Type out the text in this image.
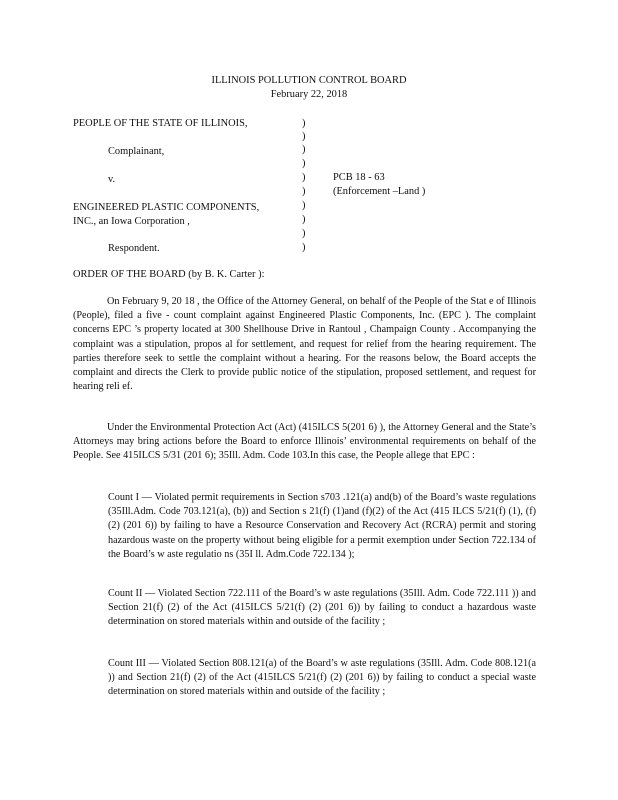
ILLINOIS POLLUTION CONTROL BOARD
February 22, 2018
PEOPLE OF THE STATE OF ILLINOIS,
Complainant,
v.
ENGINEERED PLASTIC COMPONENTS,
INC., an Iowa Corporation ,
Respondent.
)
)
)
)
)
)
)
)
)
)
PCB 18 - 63
(Enforcement –Land )
ORDER OF THE BOARD (by B. K. Carter ):
On February 9, 20 18 , the Office of the Attorney General, on behalf of the People of the Stat e of Illinois (People), filed a five - count complaint against Engineered Plastic Components, Inc. (EPC ). The complaint concerns EPC ’s property located at 300 Shellhouse Drive in Rantoul , Champaign County . Accompanying the complaint was a stipulation, propos al for settlement, and request for relief from the hearing requirement. The parties therefore seek to settle the complaint without a hearing. For the reasons below, the Board accepts the complaint and directs the Clerk to provide public notice of the stipulation, proposed settlement, and request for hearing reli ef.
Under the Environmental Protection Act (Act) (415ILCS 5(201 6) ), the Attorney General and the State’s Attorneys may bring actions before the Board to enforce Illinois’ environmental requirements on behalf of the People. See 415ILCS 5/31 (201 6); 35Ill. Adm. Code 103.In this case, the People allege that EPC :
Count I — Violated permit requirements in Section s703 .121(a) and(b) of the Board’s waste regulations (35Ill.Adm. Code 703.121(a), (b)) and Section s 21(f) (1)and (f)(2) of the Act (415 ILCS 5/21(f) (1), (f)(2) (201 6)) by failing to have a Resource Conservation and Recovery Act (RCRA) permit and storing hazardous waste on the property without being eligible for a permit exemption under Section 722.134 of the Board’s w aste regulatio ns (35I ll. Adm.Code 722.134 );
Count II — Violated Section 722.111 of the Board’s w aste regulations (35Ill. Adm. Code 722.111 )) and Section 21(f) (2) of the Act (415ILCS 5/21(f) (2) (201 6)) by failing to conduct a hazardous waste determination on stored materials within and outside of the facility ;
Count III — Violated Section 808.121(a) of the Board’s w aste regulations (35Ill. Adm. Code 808.121(a )) and Section 21(f) (2) of the Act (415ILCS 5/21(f) (2) (201 6)) by failing to conduct a special waste determination on stored materials within and outside of the facility ;
